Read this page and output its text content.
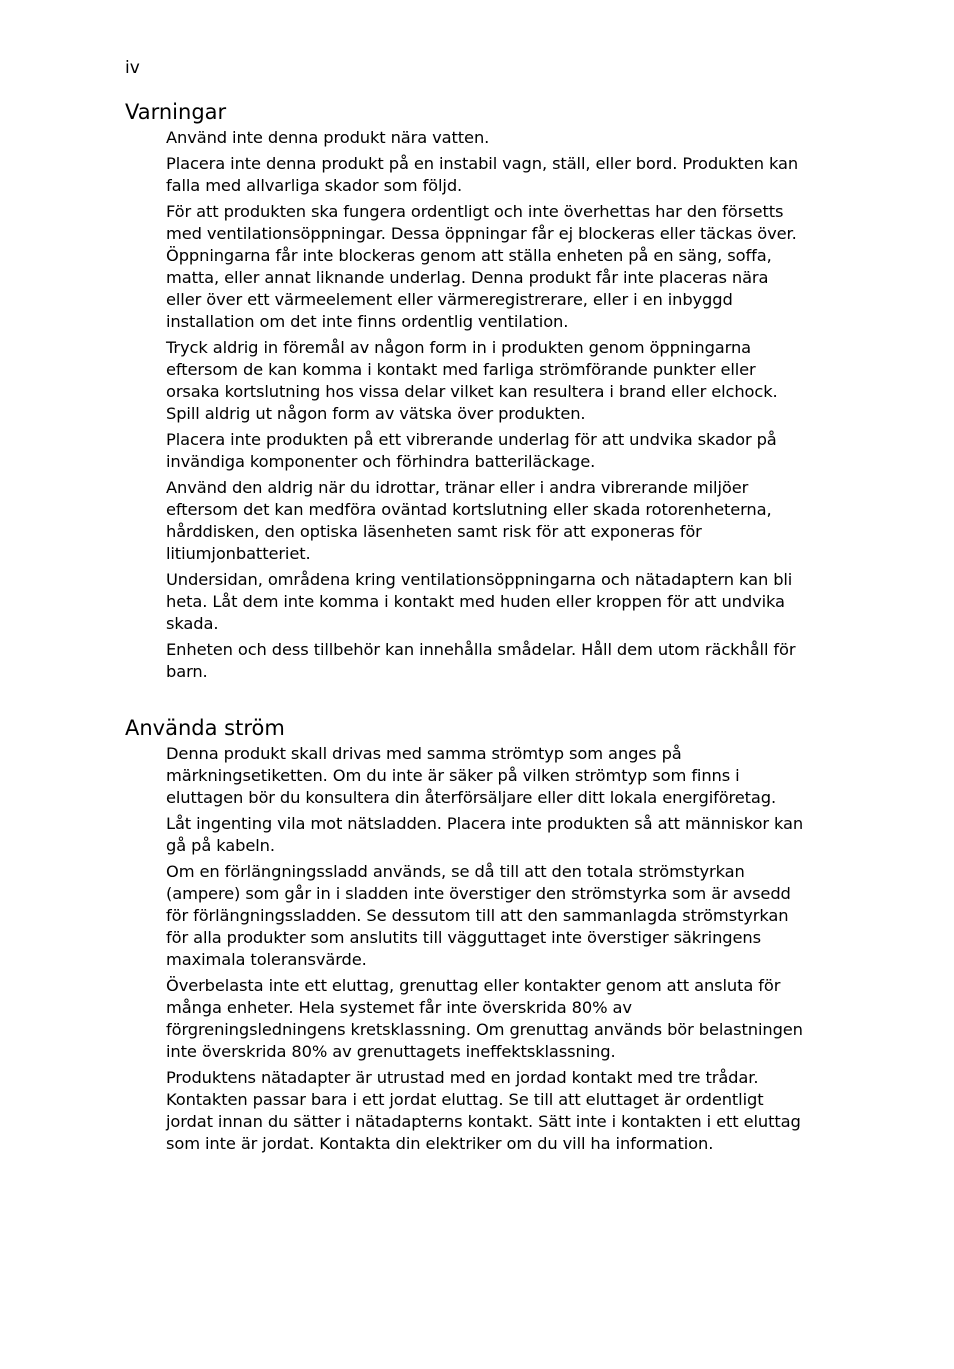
iv
Varningar

Använd inte denna produkt nära vatten.

Placera inte denna produkt på en instabil vagn, ställ, eller bord. Produkten kan falla med allvarliga skador som följd.

För att produkten ska fungera ordentligt och inte överhettas har den försetts med ventilationsöppningar. Dessa öppningar får ej blockeras eller täckas över. Öppningarna får inte blockeras genom att ställa enheten på en säng, soffa, matta, eller annat liknande underlag. Denna produkt får inte placeras nära eller över ett värmeelement eller värmeregistrerare, eller i en inbyggd installation om det inte finns ordentlig ventilation.

Tryck aldrig in föremål av någon form in i produkten genom öppningarna eftersom de kan komma i kontakt med farliga strömförande punkter eller orsaka kortslutning hos vissa delar vilket kan resultera i brand eller elchock. Spill aldrig ut någon form av vätska över produkten.

Placera inte produkten på ett vibrerande underlag för att undvika skador på invändiga komponenter och förhindra batteriläckage.

Använd den aldrig när du idrottar, tränar eller i andra vibrerande miljöer eftersom det kan medföra oväntad kortslutning eller skada rotorenheterna, hårddisken, den optiska läsenheten samt risk för att exponeras för litiumjonbatteriet.

Undersidan, områdena kring ventilationsöppningarna och nätadaptern kan bli heta. Låt dem inte komma i kontakt med huden eller kroppen för att undvika skada.

Enheten och dess tillbehör kan innehålla smådelar. Håll dem utom räckhåll för barn.

Använda ström

Denna produkt skall drivas med samma strömtyp som anges på märkningsetiketten. Om du inte är säker på vilken strömtyp som finns i eluttagen bör du konsultera din återförsäljare eller ditt lokala energiföretag.

Låt ingenting vila mot nätsladden. Placera inte produkten så att människor kan gå på kabeln.

Om en förlängningssladd används, se då till att den totala strömstyrkan (ampere) som går in i sladden inte överstiger den strömstyrka som är avsedd för förlängningssladden. Se dessutom till att den sammanlagda strömstyrkan för alla produkter som anslutits till vägguttaget inte överstiger säkringens maximala toleransvärde.

Överbelasta inte ett eluttag, grenuttag eller kontakter genom att ansluta för många enheter. Hela systemet får inte överskrida 80% av förgreningsledningens kretsklassning. Om grenuttag används bör belastningen inte överskrida 80% av grenuttagets ineffektsklassning.

Produktens nätadapter är utrustad med en jordad kontakt med tre trådar. Kontakten passar bara i ett jordat eluttag. Se till att eluttaget är ordentligt jordat innan du sätter i nätadapterns kontakt. Sätt inte i kontakten i ett eluttag som inte är jordat. Kontakta din elektriker om du vill ha information.
